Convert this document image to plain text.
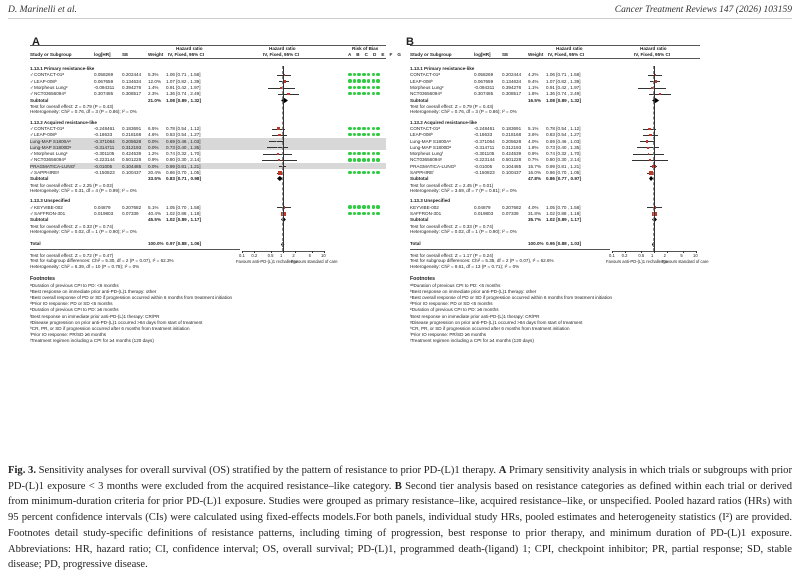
D. Marinelli et al.	Cancer Treatment Reviews 147 (2026) 103159
A
Study or Subgroup	log[HR] SE	Weight
Hazard ratio
IV, Fixed, 95% CI
Hazard ratio
IV, Fixed, 95% CI
Risk of Bias
A B C D E F G
1.13.1 Primary resistance-like
✓ CONTACT-01ᵃ	0.058269 0.202444 5.3% 1.06 [0.71 , 1.58]
✓ LEAP-008ᵇ	0.067659 0.134634 12.0% 1.07 [0.82 , 1.39]
✓ Morpheus Lungᶜ	-0.094311 0.394276 1.4% 0.91 [0.42 , 1.97]
✓ NCT03656094ᵈ	0.307485 0.308517 2.3% 1.36 [0.74 , 2.49]
Subtotal	21.0% 1.08 [0.89 , 1.32]
Test for overall effect: Z = 0.79 (P = 0.43)
Heterogeneity: Chi² = 0.76, df = 3 (P = 0.86); I² = 0%
1.13.2 Acquired resistance-like
✓ CONTACT-01ᵃ	-0.248461 0.183691 6.5% 0.78 [0.54 , 1.12]
✓ LEAP-008ᵇ	-0.18633 0.218168 4.6% 0.83 [0.54 , 1.27]
Lung-MAP S1800Aᵉ	-0.371064 0.205628 0.0% 0.69 [0.46 , 1.03]
Lung-MAP S1800Dᵉ	-0.314711 0.312193 0.0% 0.73 [0.40 , 1.35]
✓ Morpheus Lungᶜ	-0.301105 0.424539 1.2% 0.74 [0.32 , 1.70]
✓ NCT03656094ᵈ	-0.223144 0.501228 0.9% 0.80 [0.30 , 2.14]
PRAGMATICA-LUNGᶠ	-0.01005 0.104485 0.0% 0.99 [0.81 , 1.21]
✓ SAPPHIREᵍ	-0.150823 0.100437 20.4% 0.86 [0.70 , 1.05]
Subtotal	33.5% 0.83 [0.71 , 0.98]
Test for overall effect: Z = 2.25 (P = 0.02)
Heterogeneity: Chi² = 0.31, df = 4 (P = 0.99); I² = 0%
1.13.3 Unspecified
✓ KEYVIBE-002	0.04879 0.207682 5.1% 1.05 [0.70 , 1.58]
✓ SAFFRON-301	0.019803 0.07339 40.4% 1.02 [0.88 , 1.18]
Subtotal	45.5% 1.02 [0.89 , 1.17]
Test for overall effect: Z = 0.33 (P = 0.74)
Heterogeneity: Chi² = 0.02, df = 1 (P = 0.90); I² = 0%
Total	100.0% 0.97 [0.88 , 1.06]
0.1 0.2	0.5 1 2	5 10
Favours anti-PD-(L)1 rechallenge
Favours standard of care
Test for overall effect: Z = 0.72 (P = 0.47)
Test for subgroup differences: Chi² = 5.30, df = 2 (P = 0.07), I² = 62.3%
Heterogeneity: Chi² = 6.39, df = 10 (P = 0.78); I² = 0%
Footnotes
ᵃDuration of previous CPI to PD: <6 months
ᵇBest response on immediate prior anti-PD-(L)1 therapy: other
ᶜBest overall response of PD or SD if progression occurred within 6 months from treatment initiation
ᵈPrior IO response: PD or SD <6 months
ᵉDuration of previous CPI to PD: ≥6 months
ᶠBest response on immediate prior anti-PD-(L)1 therapy: CR/PR
ᵍDisease progression on prior anti-PD-(L)1 occurred >84 days from start of treatment
ʰCR, PR, or SD if progression occurred after 6 months from treatment initiation
ⁱPrior IO response: PR/SD ≥6 months
ʲTreatment regimen including a CPI for ≥4 months (120 days)
B
Study or Subgroup	log[HR] SE	Weight
Hazard ratio
IV, Fixed, 95% CI
Hazard ratio
IV, Fixed, 95% CI
1.13.1 Primary resistance-like
CONTACT-01ᵃ	0.058269 0.202444 4.2% 1.06 [0.71 , 1.58]
LEAP-008ᵇ	0.067659 0.134634 9.4% 1.07 [0.82 , 1.39]
Morpheus Lungᶜ	-0.094311 0.394276 1.1% 0.91 [0.42 , 1.97]
NCT03656094ᵈ	0.307485 0.308517 1.8% 1.36 [0.74 , 2.49]
Subtotal	16.5% 1.08 [0.89 , 1.32]
Test for overall effect: Z = 0.79 (P = 0.43)
Heterogeneity: Chi² = 0.76, df = 3 (P = 0.86); I² = 0%
1.13.2 Acquired resistance-like
CONTACT-01ᵃ	-0.248461 0.183691 5.1% 0.78 [0.54 , 1.12]
LEAP-008ᵇ	-0.18633 0.218168 3.6% 0.83 [0.54 , 1.27]
Lung-MAP S1800Aᵉ	-0.371064 0.205628 4.0% 0.69 [0.46 , 1.03]
Lung-MAP S1800Dᵉ	-0.314711 0.312193 1.8% 0.73 [0.40 , 1.35]
Morpheus Lungᶠ	-0.301105 0.424539 0.9% 0.74 [0.32 , 1.70]
NCT03656094ᵍ	-0.223144 0.501228 0.7% 0.80 [0.30 , 2.14]
PRAGMATICA-LUNGʰ	-0.01005 0.104485 15.7% 0.99 [0.81 , 1.21]
SAPPHIREⁱ	-0.150823 0.100437 16.0% 0.86 [0.70 , 1.05]
Subtotal	47.8% 0.86 [0.77 , 0.97]
Test for overall effect: Z = 2.45 (P = 0.01)
Heterogeneity: Chi² = 3.69, df = 7 (P = 0.81); I² = 0%
1.13.3 Unspecified
KEYVIBE-002	0.04879 0.207682 4.0% 1.05 [0.70 , 1.58]
SAFFRON-301	0.019803 0.07339 31.8% 1.02 [0.88 , 1.18]
Subtotal	35.7% 1.02 [0.89 , 1.17]
Test for overall effect: Z = 0.33 (P = 0.74)
Heterogeneity: Chi² = 0.02, df = 1 (P = 0.90); I² = 0%
Total	100.0% 0.95 [0.88 , 1.03]
0.1 0.2	0.5 1 2	5 10
Favours anti-PD-(L)1 rechallenge
Favours standard of care
Test for overall effect: Z = 1.17 (P = 0.24)
Test for subgroup differences: Chi² = 5.35, df = 2 (P = 0.07), I² = 62.6%
Heterogeneity: Chi² = 9.61, df = 13 (P = 0.71); I² = 0%
Footnotes
ᵃᵇDuration of previous CPI to PD: <6 months
ᵇBest response on immediate prior anti-PD-(L)1 therapy: other
ᶜBest overall response of PD or SD if progression occurred within 6 months from treatment initiation
ᵈPrior IO response: PD or SD <6 months
ᵉDuration of previous CPI to PD: ≥6 months
ᶠBest response on immediate prior anti-PD-(L)1 therapy: CR/PR
ᵍDisease progression on prior anti-PD-(L)1 occurred >84 days from start of treatment
ʰCR, PR, or SD if progression occurred after 6 months from treatment initiation
ⁱPrior IO response: PR/SD ≥6 months
ʲTreatment regimen including a CPI for ≥4 months (120 days)
Fig. 3. Sensitivity analyses for overall survival (OS) stratified by the pattern of resistance to prior PD-(L)1 therapy. A Primary sensitivity analysis in which trials or subgroups with prior PD-(L)1 exposure < 3 months were excluded from the acquired resistance–like category. B Second tier analysis based on resistance categories as defined within each trial or derived from minimum-duration criteria for prior PD-(L)1 exposure. Studies were grouped as primary resistance–like, acquired resistance–like, or unspecified. Pooled hazard ratios (HRs) with 95 percent confidence intervals (CIs) were calculated using fixed-effects models.For both panels, individual study HRs, pooled estimates and heterogeneity statistics (I²) are provided. Footnotes detail study-specific definitions of resistance patterns, including timing of progression, best response to prior therapy, and minimum duration of PD-(L)1 exposure. Abbreviations: HR, hazard ratio; CI, confidence interval; OS, overall survival; PD-(L)1, programmed death-(ligand) 1; CPI, checkpoint inhibitor; PR, partial response; SD, stable disease; PD, progressive disease.
